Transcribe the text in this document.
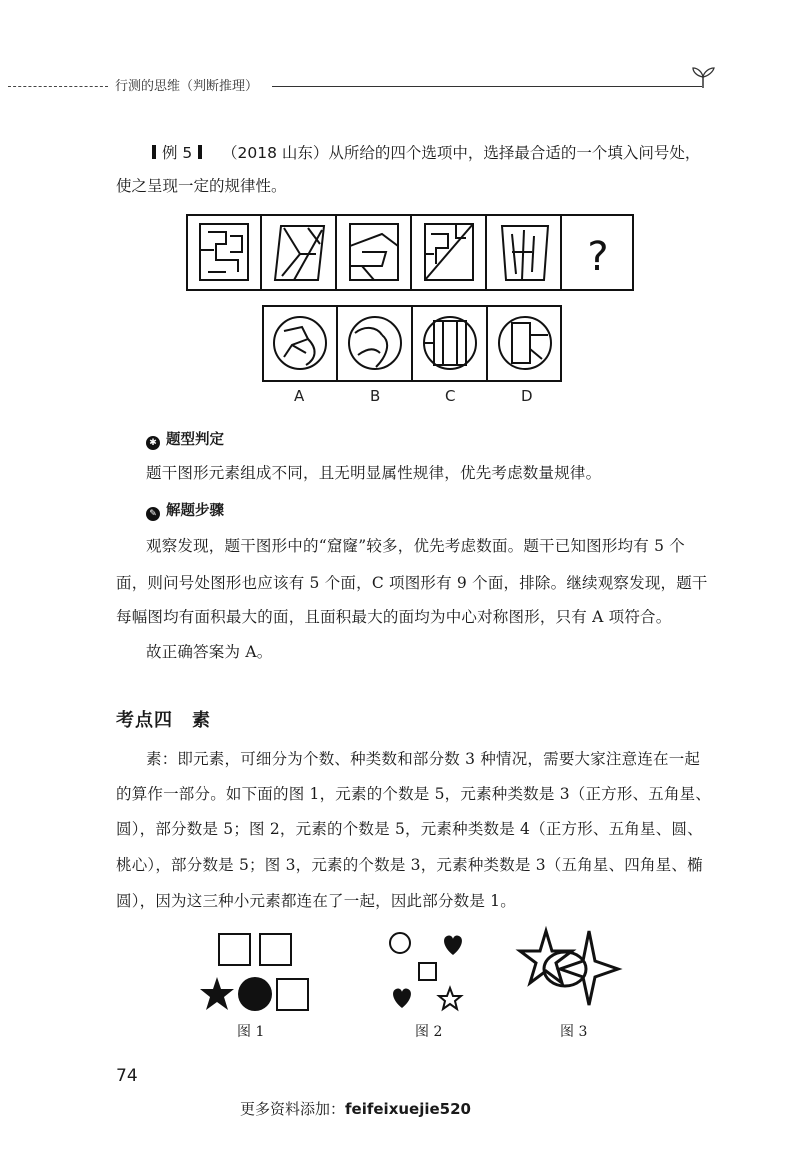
行测的思维（判断推理）
例 5	（2018 山东）从所给的四个选项中，选择最合适的一个填入问号处，
使之呈现一定的规律性。
?
A	B	C	D
✱ 题型判定
题干图形元素组成不同，且无明显属性规律，优先考虑数量规律。
✎ 解题步骤
观察发现，题干图形中的“窟窿”较多，优先考虑数面。题干已知图形均有 5 个
面，则问号处图形也应该有 5 个面，C 项图形有 9 个面，排除。继续观察发现，题干
每幅图均有面积最大的面，且面积最大的面均为中心对称图形，只有 A 项符合。
故正确答案为 A。
考点四　素
素：即元素，可细分为个数、种类数和部分数 3 种情况，需要大家注意连在一起
的算作一部分。如下面的图 1，元素的个数是 5，元素种类数是 3（正方形、五角星、
圆），部分数是 5；图 2，元素的个数是 5，元素种类数是 4（正方形、五角星、圆、
桃心），部分数是 5；图 3，元素的个数是 3，元素种类数是 3（五角星、四角星、椭
圆），因为这三种小元素都连在了一起，因此部分数是 1。
图 1	图 2	图 3
74
更多资料添加：feifeixuejie520
